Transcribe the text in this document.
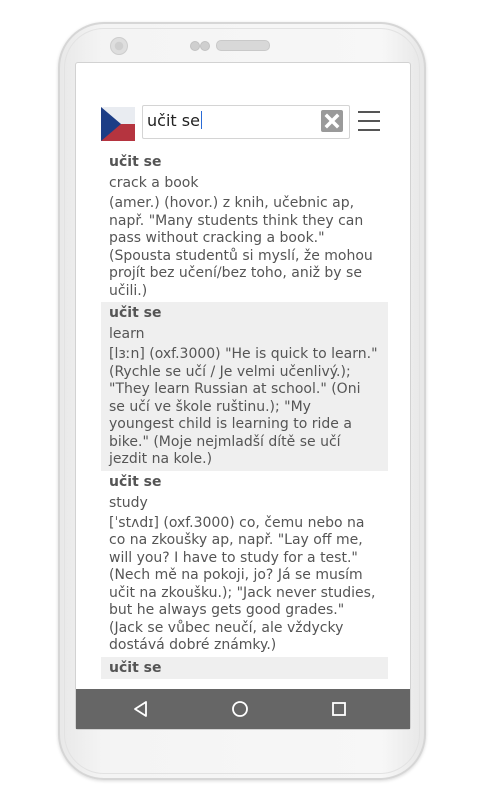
učit se
učit se
crack a book
(amer.) (hovor.) z knih, učebnic ap, např. "Many students think they can pass without cracking a book." (Spousta studentů si myslí, že mohou projít bez učení/bez toho, aniž by se učili.)
učit se
learn
[lɜːn] (oxf.3000) "He is quick to learn." (Rychle se učí / Je velmi učenlivý.); "They learn Russian at school." (Oni se učí ve škole ruštinu.); "My youngest child is learning to ride a bike." (Moje nejmladší dítě se učí jezdit na kole.)
učit se
study
[ˈstʌdɪ] (oxf.3000) co, čemu nebo na co na zkoušky ap, např. "Lay off me, will you? I have to study for a test." (Nech mě na pokoji, jo? Já se musím učit na zkoušku.); "Jack never studies, but he always gets good grades." (Jack se vůbec neučí, ale vždycky dostává dobré známky.)
učit se
